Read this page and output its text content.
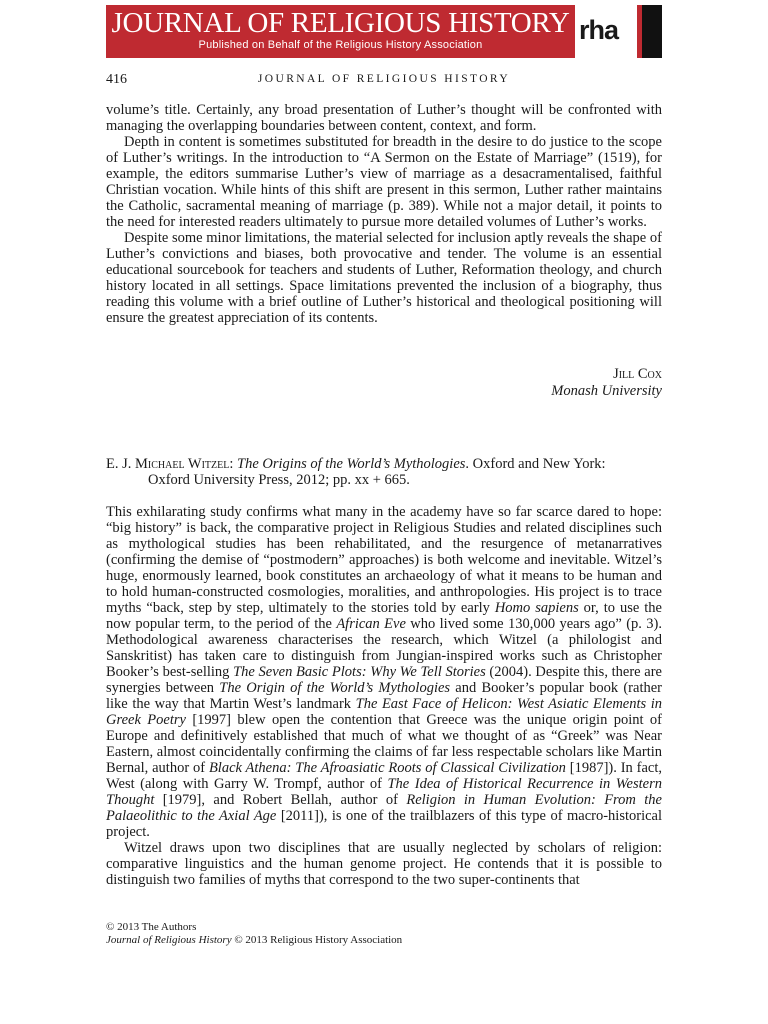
JOURNAL OF RELIGIOUS HISTORY
Published on Behalf of the Religious History Association	rha
416	JOURNAL OF RELIGIOUS HISTORY

volume’s title. Certainly, any broad presentation of Luther’s thought will be confronted with managing the overlapping boundaries between content, context, and form.

Depth in content is sometimes substituted for breadth in the desire to do justice to the scope of Luther’s writings. In the introduction to “A Sermon on the Estate of Marriage” (1519), for example, the editors summarise Luther’s view of marriage as a desacramentalised, faithful Christian vocation. While hints of this shift are present in this sermon, Luther rather maintains the Catholic, sacramental meaning of marriage (p. 389). While not a major detail, it points to the need for interested readers ultimately to pursue more detailed volumes of Luther’s works.

Despite some minor limitations, the material selected for inclusion aptly reveals the shape of Luther’s convictions and biases, both provocative and tender. The volume is an essential educational sourcebook for teachers and students of Luther, Reformation theology, and church history located in all settings. Space limitations prevented the inclusion of a biography, thus reading this volume with a brief outline of Luther’s historical and theological positioning will ensure the greatest appreciation of its contents.

Jill Cox
Monash University
E. J. Michael Witzel: The Origins of the World’s Mythologies. Oxford and New York:
Oxford University Press, 2012; pp. xx + 665.

This exhilarating study confirms what many in the academy have so far scarce dared to hope: “big history” is back, the comparative project in Religious Studies and related disciplines such as mythological studies has been rehabilitated, and the resurgence of metanarratives (confirming the demise of “postmodern” approaches) is both welcome and inevitable. Witzel’s huge, enormously learned, book constitutes an archaeology of what it means to be human and to hold human-constructed cosmologies, moralities, and anthropologies. His project is to trace myths “back, step by step, ultimately to the stories told by early Homo sapiens or, to use the now popular term, to the period of the African Eve who lived some 130,000 years ago” (p. 3). Methodological awareness characterises the research, which Witzel (a philologist and Sanskritist) has taken care to distinguish from Jungian-inspired works such as Christopher Booker’s best-selling The Seven Basic Plots: Why We Tell Stories (2004). Despite this, there are synergies between The Origin of the World’s Mythologies and Booker’s popular book (rather like the way that Martin West’s landmark The East Face of Helicon: West Asiatic Elements in Greek Poetry [1997] blew open the contention that Greece was the unique origin point of Europe and definitively established that much of what we thought of as “Greek” was Near Eastern, almost coincidentally confirming the claims of far less respectable scholars like Martin Bernal, author of Black Athena: The Afroasiatic Roots of Classical Civilization [1987]). In fact, West (along with Garry W. Trompf, author of The Idea of Historical Recurrence in Western Thought [1979], and Robert Bellah, author of Religion in Human Evolution: From the Palaeolithic to the Axial Age [2011]), is one of the trailblazers of this type of macro-historical project.

Witzel draws upon two disciplines that are usually neglected by scholars of religion: comparative linguistics and the human genome project. He contends that it is possible to distinguish two families of myths that correspond to the two super-continents that

© 2013 The Authors
Journal of Religious History © 2013 Religious History Association
